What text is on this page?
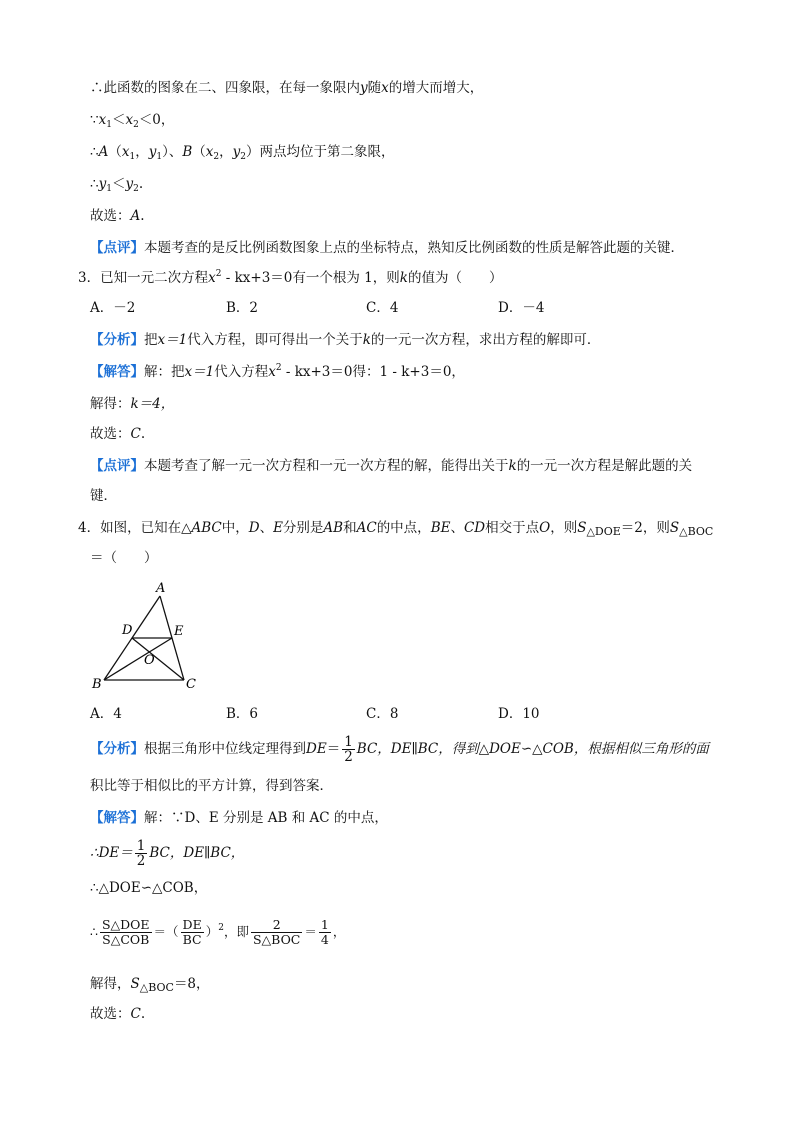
∴此函数的图象在二、四象限，在每一象限内y随x的增大而增大，
$\because x_1<x_2<0$，
$\therefore A(x_1$，$y_1$）、$B(x_2$，$y_2$）两点均位于第二象限，
$\therefore y_1<y_2$.
故选：A.
【点评】本题考查的是反比例函数图象上点的坐标特点，熟知反比例函数的性质是解答此题的关键．
3．已知一元二次方程$x^2 - kx+3=0$有一个根为 1，则k的值为（　　）
A．－2	B．2	C．4	D．－4
【分析】把x＝1代入方程，即可得出一个关于k的一元一次方程，求出方程的解即可．
【解答】解：把x＝1代入方程$x^2 - kx+3=0$得：1 - k+3＝0，
解得：k＝4，
故选：C.
【点评】本题考查了解一元一次方程和一元一次方程的解，能得出关于k的一元一次方程是解此题的关
键．
4．如图，已知在△ABC中，D、E分别是AB和AC的中点，BE、CD相交于点O，则$S_{\triangle DOE}=2$，则$S_{\triangle BOC}$
＝（　　）
A
B	C
D	E
O
A．4	B．6	C．8	D．10
【分析】根据三角形中位线定理得到$DE= \frac{1}{2}$ BC，DE∥BC，得到△DOE∽△COB，根据相似三角形的面
积比等于相似比的平方计算，得到答案．
【解答】解：∵D、E 分别是 AB 和 AC 的中点，
∴DE＝ $\frac{1}{2}$ BC，DE∥BC，
∴△DOE∽△COB，
∴ $\frac{\text{S△DOE}}{\text{S△COB}}$ ＝（ $\frac{DE}{BC} )^2$，即 $\frac{2}{\text{S△BOC}} = \frac{1}{4}$ ，
解得，$S_{\triangle BOC}=8$，
故选：C.
